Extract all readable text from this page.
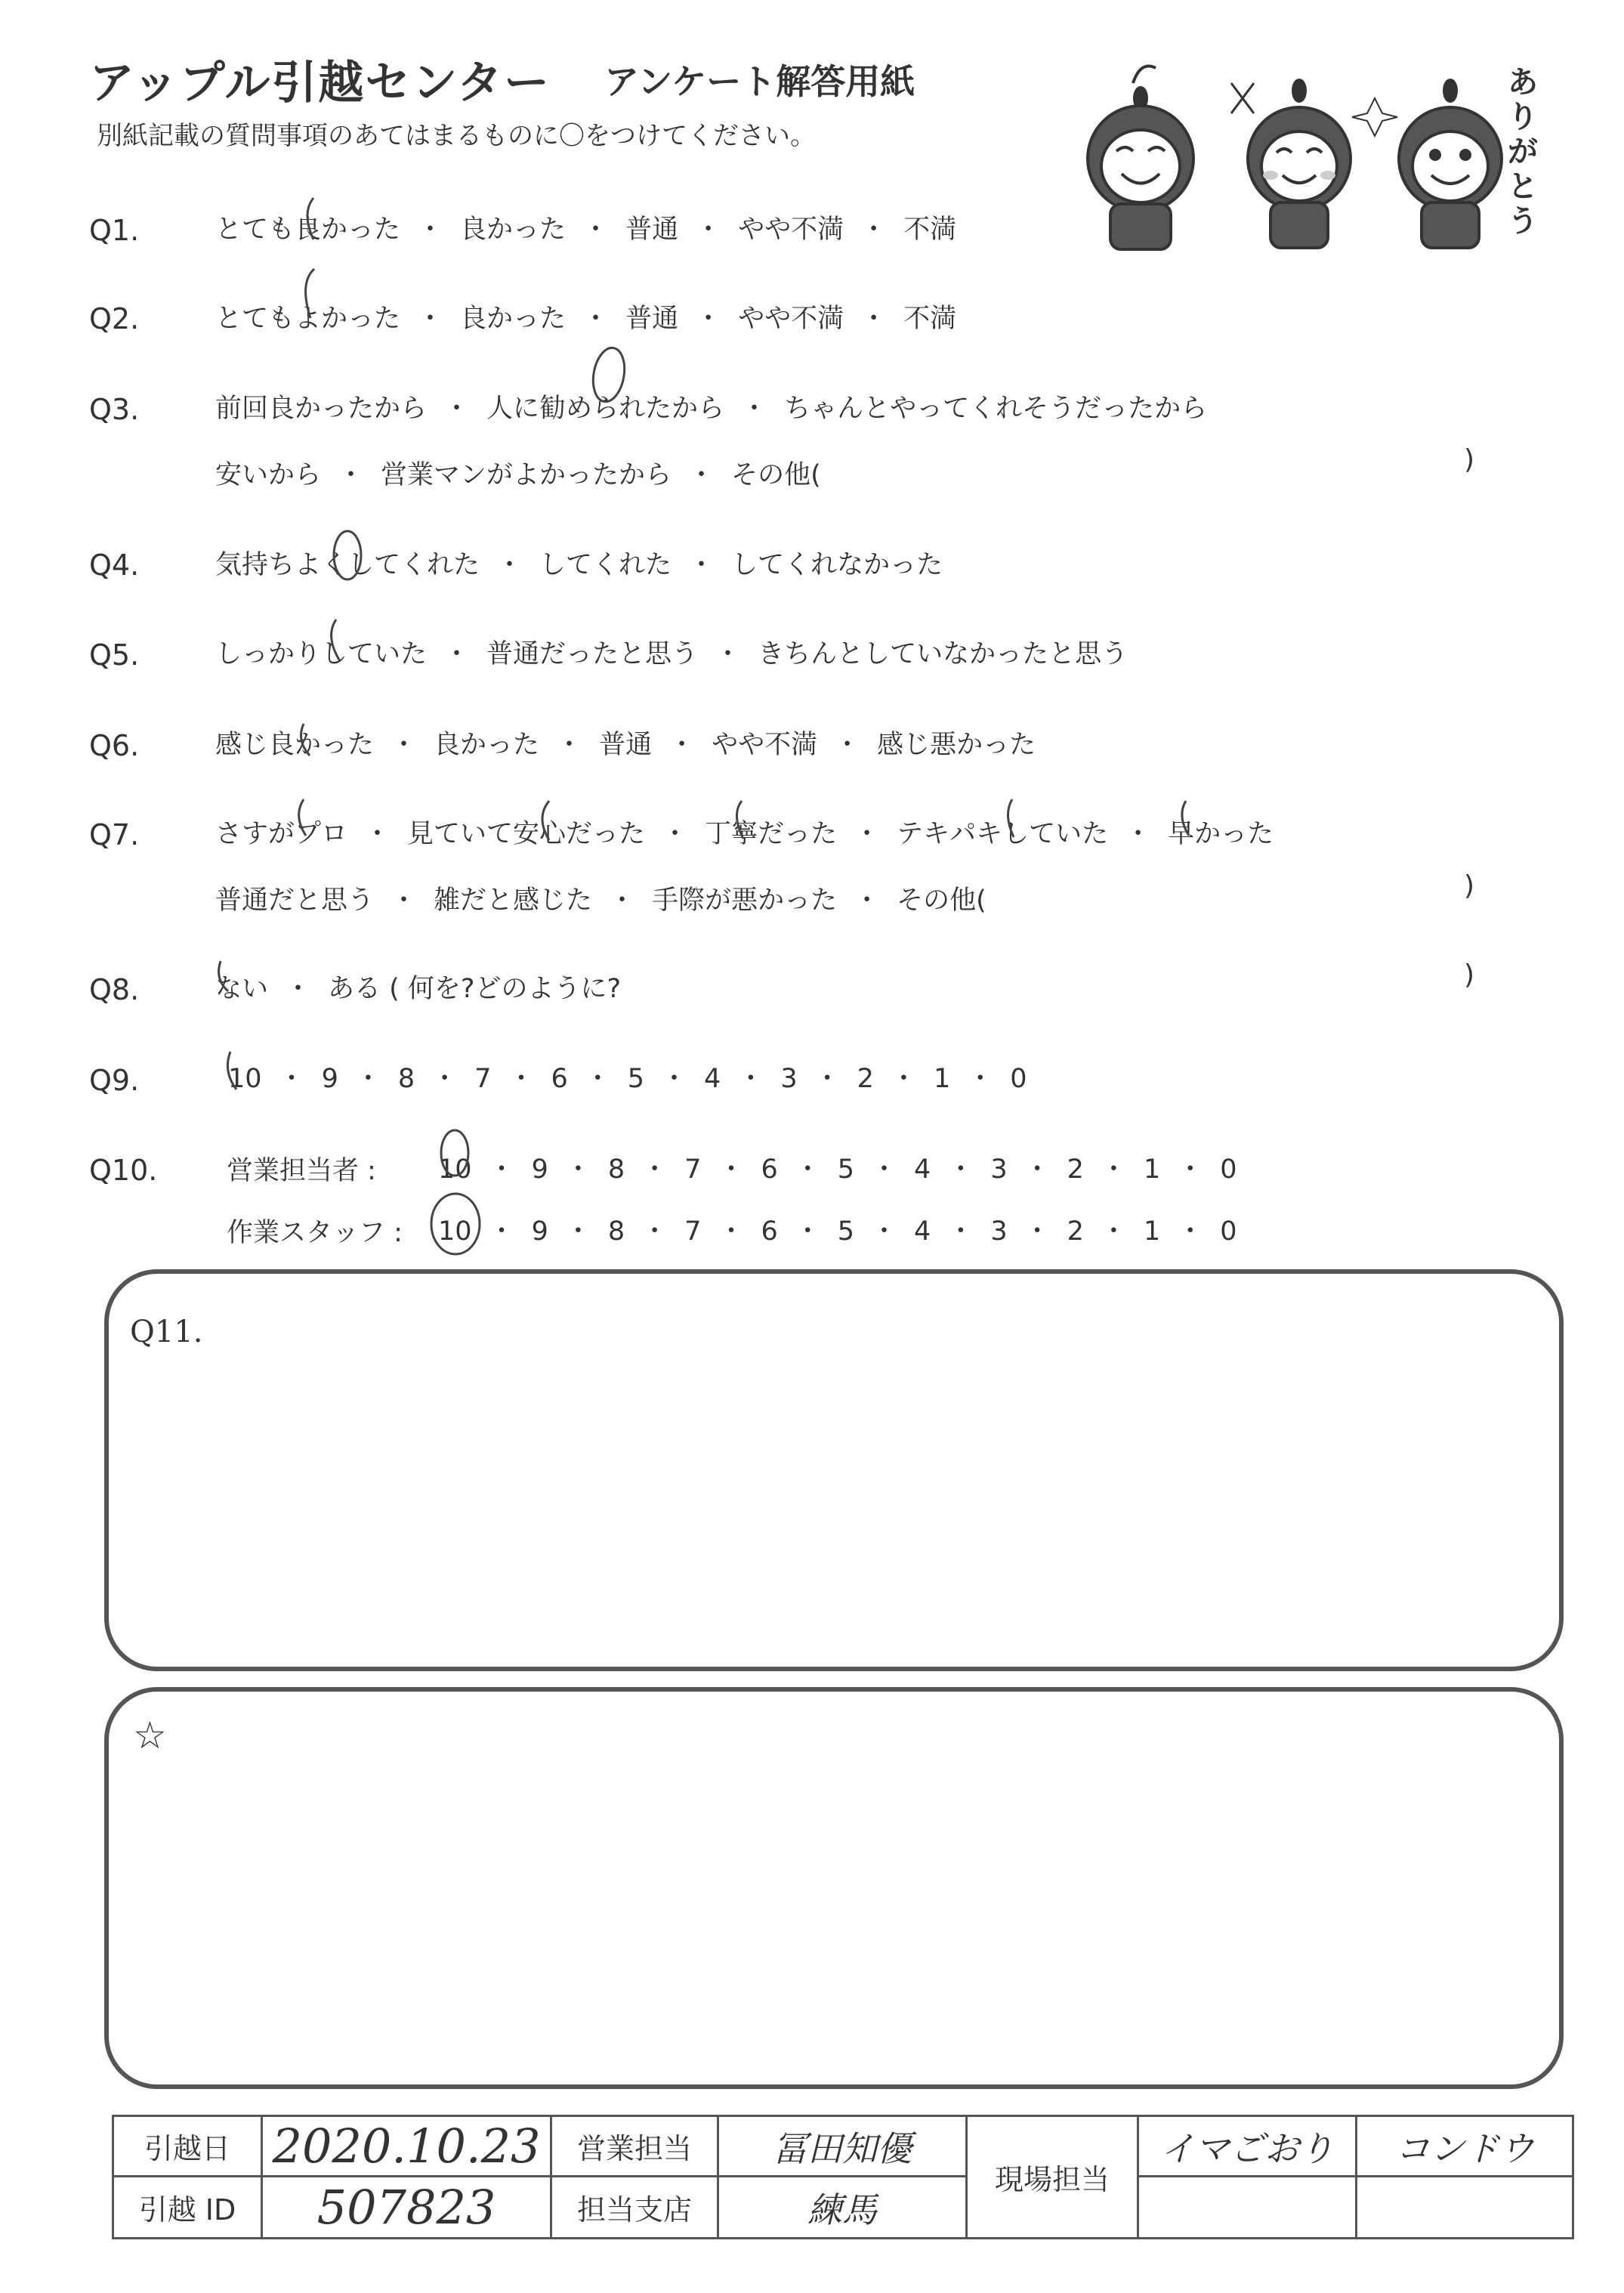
アップル引越センター アンケート解答用紙
別紙記載の質問事項のあてはまるものに〇をつけてください。
ありがとう
Q1.
Q2.
Q3.
Q4.
Q5.
Q6.
Q7.
Q8.
Q9.
Q10.
とても良かった ・ 良かった ・ 普通 ・ やや不満 ・ 不満
とてもよかった ・ 良かった ・ 普通 ・ やや不満 ・ 不満
前回良かったから ・ 人に勧められたから ・ ちゃんとやってくれそうだったから
安いから ・ 営業マンがよかったから ・ その他(
気持ちよくしてくれた ・ してくれた ・ してくれなかった
しっかりしていた ・ 普通だったと思う ・ きちんとしていなかったと思う
感じ良かった ・ 良かった ・ 普通 ・ やや不満 ・ 感じ悪かった
さすがプロ ・ 見ていて安心だった ・ 丁寧だった ・ テキパキしていた ・ 早かった
普通だと思う ・ 雑だと感じた ・ 手際が悪かった ・ その他(
ない ・ ある ( 何を?どのように?
)
)
)
10 ・ 9 ・ 8 ・ 7 ・ 6 ・ 5 ・ 4 ・ 3 ・ 2 ・ 1 ・ 0
営業担当者 : 10 ・ 9 ・ 8 ・ 7 ・ 6 ・ 5 ・ 4 ・ 3 ・ 2 ・ 1 ・ 0
作業スタッフ : 10 ・ 9 ・ 8 ・ 7 ・ 6 ・ 5 ・ 4 ・ 3 ・ 2 ・ 1 ・ 0
Q11.
☆
引越日	2020.10.23	営業担当	冨田知優	現場担当	イマごおり	コンドウ
引越 ID	507823	担当支店	練馬			
